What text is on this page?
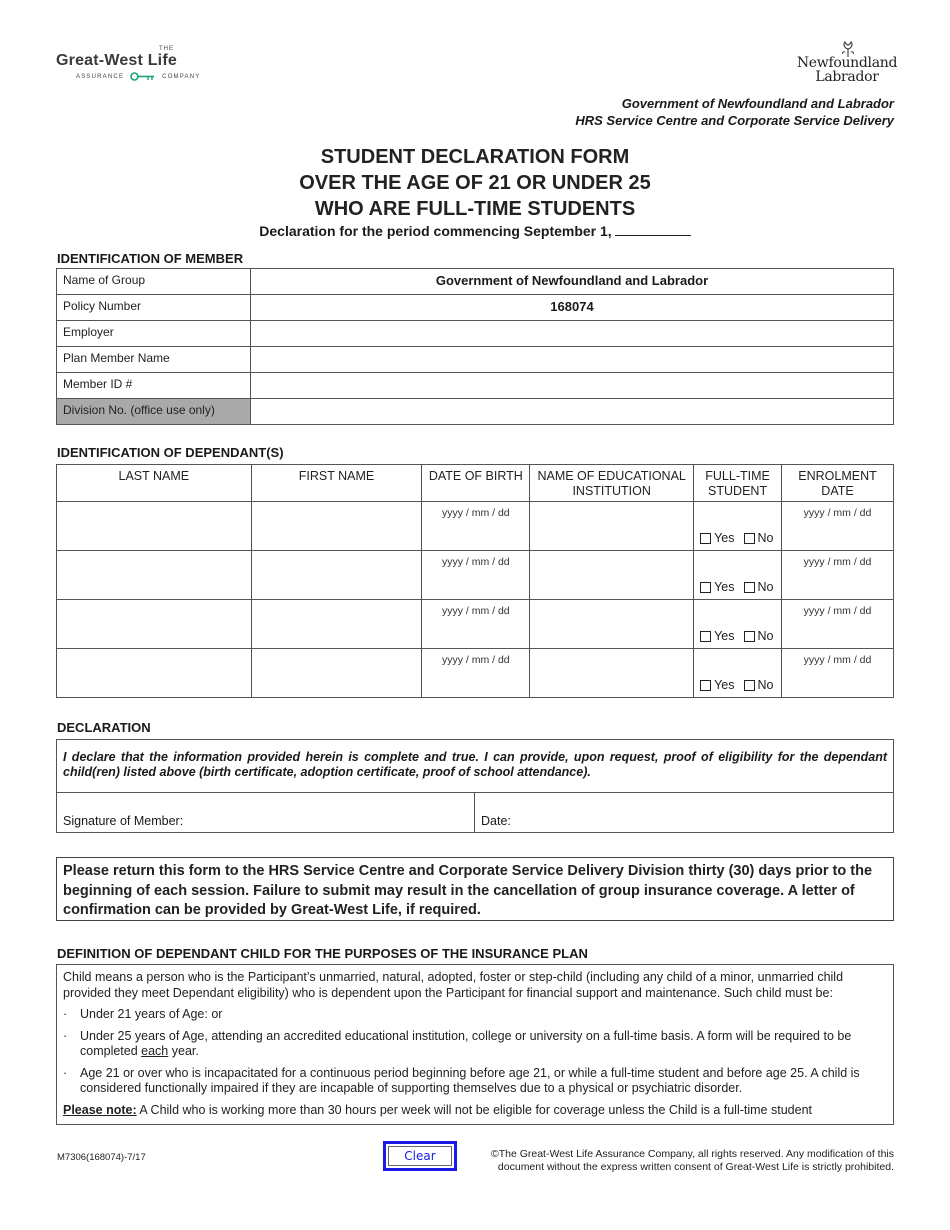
THE
Great-West Life
ASSURANCE	COMPANY
Newfoundland
Labrador
Government of Newfoundland and Labrador
HRS Service Centre and Corporate Service Delivery
STUDENT DECLARATION FORM
OVER THE AGE OF 21 OR UNDER 25
WHO ARE FULL-TIME STUDENTS
Declaration for the period commencing September 1,
IDENTIFICATION OF MEMBER
Name of Group	Government of Newfoundland and Labrador
Policy Number	168074
Employer	
Plan Member Name	
Member ID #	
Division No. (office use only)	
IDENTIFICATION OF DEPENDANT(S)
LAST NAME	FIRST NAME	DATE OF BIRTH	NAME OF EDUCATIONAL INSTITUTION	FULL-TIME STUDENT	ENROLMENT DATE
		yyyy / mm / dd		Yes No	yyyy / mm / dd
		yyyy / mm / dd		Yes No	yyyy / mm / dd
		yyyy / mm / dd		Yes No	yyyy / mm / dd
		yyyy / mm / dd		Yes No	yyyy / mm / dd
DECLARATION
I declare that the information provided herein is complete and true. I can provide, upon request, proof of eligibility for the dependant child(ren) listed above (birth certificate, adoption certificate, proof of school attendance).
Signature of Member:	Date:
Please return this form to the HRS Service Centre and Corporate Service Delivery Division thirty (30) days prior to the beginning of each session. Failure to submit may result in the cancellation of group insurance coverage. A letter of confirmation can be provided by Great-West Life, if required.
DEFINITION OF DEPENDANT CHILD FOR THE PURPOSES OF THE INSURANCE PLAN
Child means a person who is the Participant’s unmarried, natural, adopted, foster or step-child (including any child of a minor, unmarried child provided they meet Dependant eligibility) who is dependent upon the Participant for financial support and maintenance. Such child must be:
·	Under 21 years of Age: or
·	Under 25 years of Age, attending an accredited educational institution, college or university on a full-time basis. A form will be required to be completed each year.
·	Age 21 or over who is incapacitated for a continuous period beginning before age 21, or while a full-time student and before age 25. A child is considered functionally impaired if they are incapable of supporting themselves due to a physical or psychiatric disorder.
Please note: A Child who is working more than 30 hours per week will not be eligible for coverage unless the Child is a full-time student
M7306(168074)-7/17	Clear	©The Great-West Life Assurance Company, all rights reserved. Any modification of this
document without the express written consent of Great-West Life is strictly prohibited.
